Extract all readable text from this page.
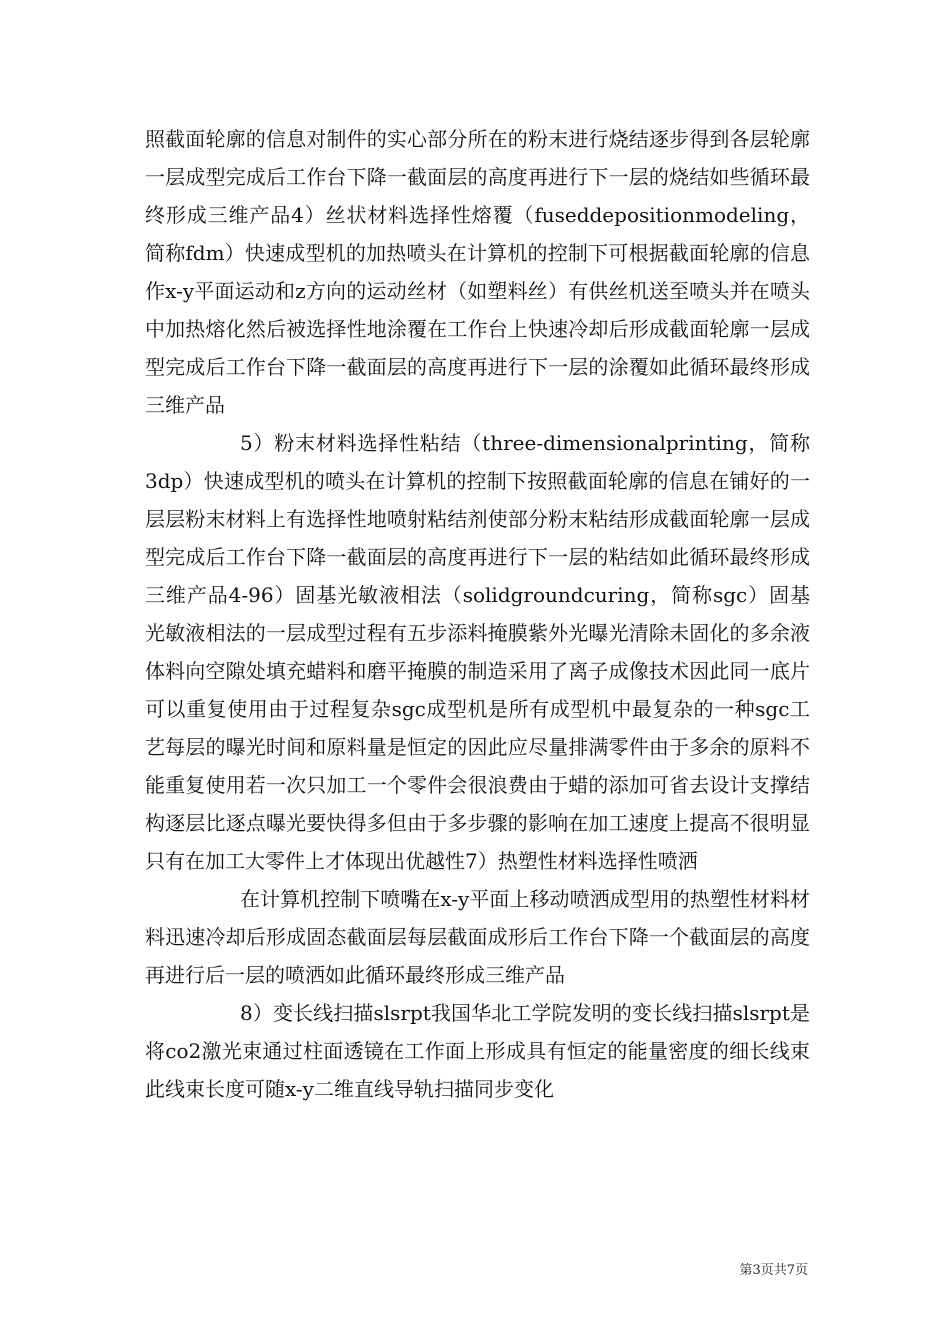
照截面轮廓的信息对制件的实心部分所在的粉末进行烧结逐步得到各层轮廓一层成型完成后工作台下降一截面层的高度再进行下一层的烧结如些循环最终形成三维产品4）丝状材料选择性熔覆（fuseddepositionmodeling，简称fdm）快速成型机的加热喷头在计算机的控制下可根据截面轮廓的信息作x-y平面运动和z方向的运动丝材（如塑料丝）有供丝机送至喷头并在喷头中加热熔化然后被选择性地涂覆在工作台上快速冷却后形成截面轮廓一层成型完成后工作台下降一截面层的高度再进行下一层的涂覆如此循环最终形成三维产品

5）粉末材料选择性粘结（three-dimensionalprinting，简称3dp）快速成型机的喷头在计算机的控制下按照截面轮廓的信息在铺好的一层层粉末材料上有选择性地喷射粘结剂使部分粉末粘结形成截面轮廓一层成型完成后工作台下降一截面层的高度再进行下一层的粘结如此循环最终形成三维产品4-96）固基光敏液相法（solidgroundcuring，简称sgc）固基光敏液相法的一层成型过程有五步添料掩膜紫外光曝光清除未固化的多余液体料向空隙处填充蜡料和磨平掩膜的制造采用了离子成像技术因此同一底片可以重复使用由于过程复杂sgc成型机是所有成型机中最复杂的一种sgc工艺每层的曝光时间和原料量是恒定的因此应尽量排满零件由于多余的原料不能重复使用若一次只加工一个零件会很浪费由于蜡的添加可省去设计支撑结构逐层比逐点曝光要快得多但由于多步骤的影响在加工速度上提高不很明显只有在加工大零件上才体现出优越性7）热塑性材料选择性喷洒

在计算机控制下喷嘴在x-y平面上移动喷洒成型用的热塑性材料材料迅速冷却后形成固态截面层每层截面成形后工作台下降一个截面层的高度再进行后一层的喷洒如此循环最终形成三维产品

8）变长线扫描slsrpt我国华北工学院发明的变长线扫描slsrpt是将co2激光束通过柱面透镜在工作面上形成具有恒定的能量密度的细长线束此线束长度可随x-y二维直线导轨扫描同步变化

第3页共7页
